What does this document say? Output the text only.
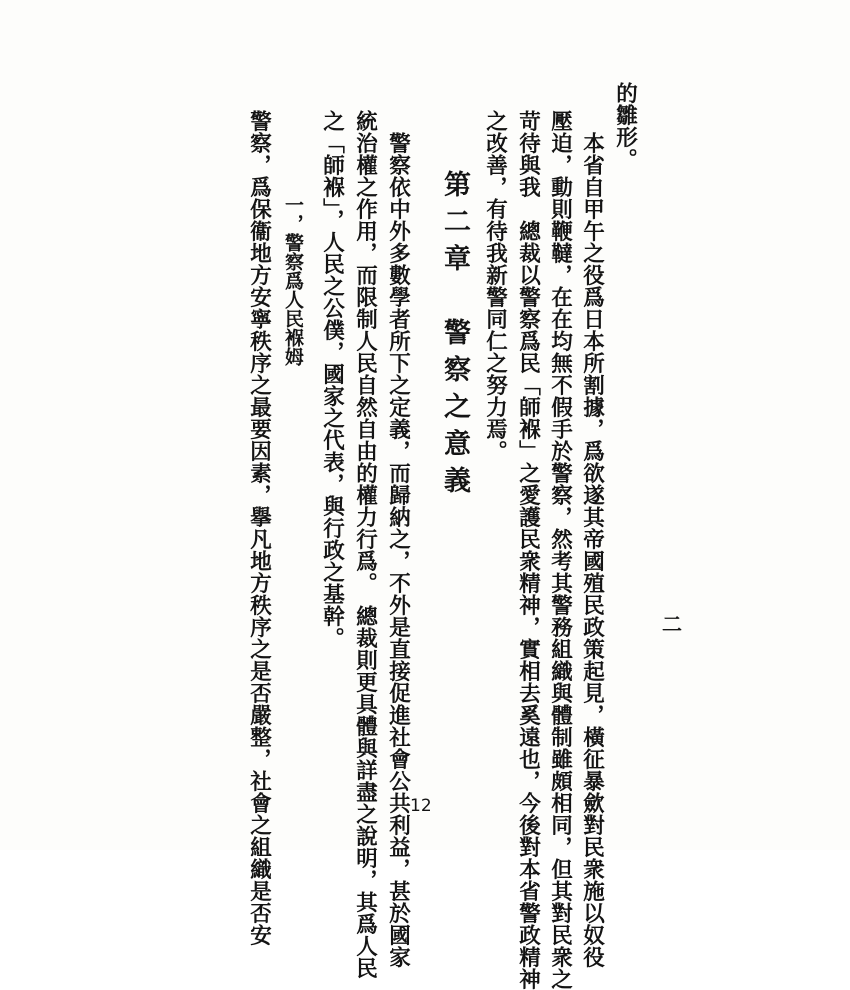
的雛形。
　本省自甲午之役爲日本所割據，爲欲遂其帝國殖民政策起見，橫征暴歛對民衆施以奴役
壓迫，動則鞭韃，在在均無不假手於警察，然考其警務組織與體制雖頗相同，但其對民衆之
苛待與我　總裁以警察爲民「師褓」之愛護民衆精神，實相去奚遠也，今後對本省警政精神
之改善，有待我新警同仁之努力焉。
第二章　警察之意義
　警察依中外多數學者所下之定義，而歸納之，不外是直接促進社會公共利益，甚於國家
統治權之作用，而限制人民自然自由的權力行爲。　總裁則更具體與詳盡之說明，其爲人民
之「師褓」，人民之公僕，國家之代表，與行政之基幹。
一，警察爲人民褓姆
警察，爲保衞地方安寧秩序之最要因素，擧凡地方秩序之是否嚴整，社會之組織是否安	二
12
